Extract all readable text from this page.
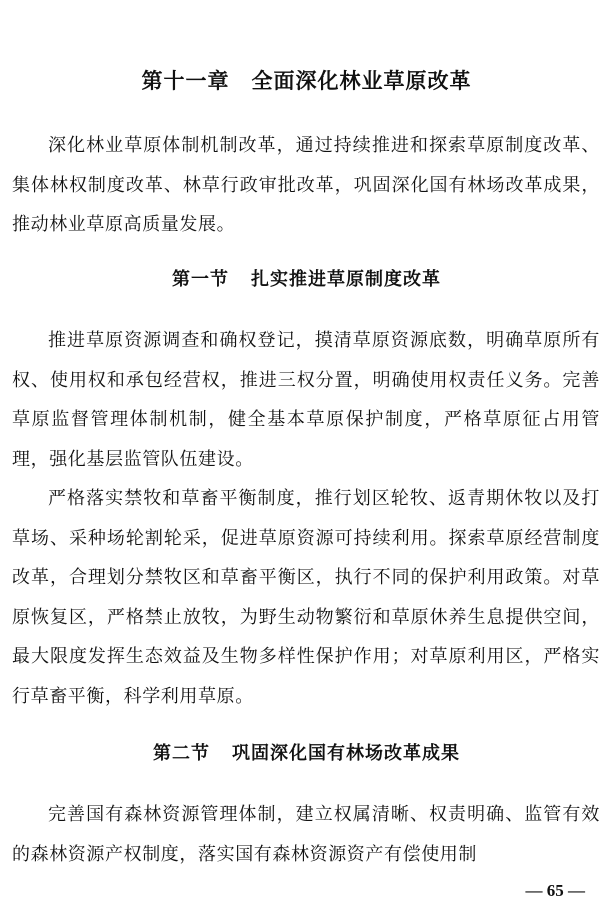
第十一章 全面深化林业草原改革

深化林业草原体制机制改革，通过持续推进和探索草原制度改革、集体林权制度改革、林草行政审批改革，巩固深化国有林场改革成果，推动林业草原高质量发展。

第一节 扎实推进草原制度改革

推进草原资源调查和确权登记，摸清草原资源底数，明确草原所有权、使用权和承包经营权，推进三权分置，明确使用权责任义务。完善草原监督管理体制机制，健全基本草原保护制度，严格草原征占用管理，强化基层监管队伍建设。

严格落实禁牧和草畜平衡制度，推行划区轮牧、返青期休牧以及打草场、采种场轮割轮采，促进草原资源可持续利用。探索草原经营制度改革，合理划分禁牧区和草畜平衡区，执行不同的保护利用政策。对草原恢复区，严格禁止放牧，为野生动物繁衍和草原休养生息提供空间，最大限度发挥生态效益及生物多样性保护作用；对草原利用区，严格实行草畜平衡，科学利用草原。

第二节 巩固深化国有林场改革成果

完善国有森林资源管理体制，建立权属清晰、权责明确、监管有效的森林资源产权制度，落实国有森林资源资产有偿使用制

— 65 —
